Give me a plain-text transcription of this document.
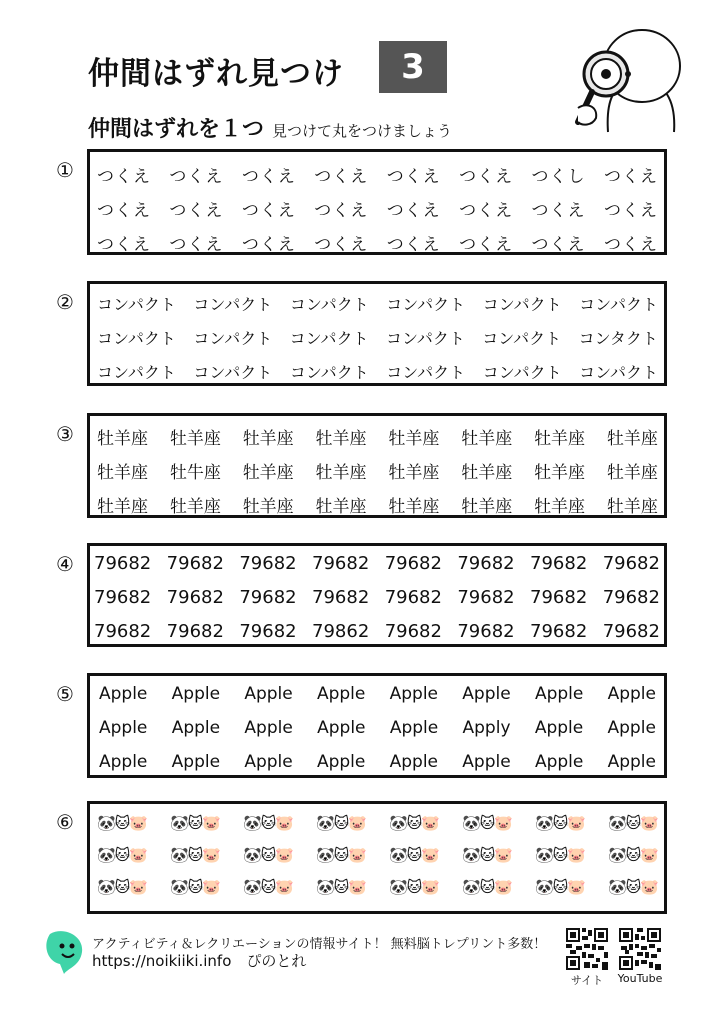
仲間はずれ見つけ	3
仲間はずれを１つ 見つけて丸をつけましょう
① つくえ つくえ つくえ つくえ つくえ つくえ つくし つくえ
つくえ つくえ つくえ つくえ つくえ つくえ つくえ つくえ
つくえ つくえ つくえ つくえ つくえ つくえ つくえ つくえ
② コンパクト コンパクト コンパクト コンパクト コンパクト コンパクト
コンパクト コンパクト コンパクト コンパクト コンパクト コンタクト
コンパクト コンパクト コンパクト コンパクト コンパクト コンパクト
③ 牡羊座 牡羊座 牡羊座 牡羊座 牡羊座 牡羊座 牡羊座 牡羊座
牡羊座 牡牛座 牡羊座 牡羊座 牡羊座 牡羊座 牡羊座 牡羊座
牡羊座 牡羊座 牡羊座 牡羊座 牡羊座 牡羊座 牡羊座 牡羊座
④ 79682 79682 79682 79682 79682 79682 79682 79682
79682 79682 79682 79682 79682 79682 79682 79682
79682 79682 79682 79862 79682 79682 79682 79682
⑤ Apple Apple Apple Apple Apple Apple Apple Apple
Apple Apple Apple Apple Apple Apply Apple Apple
Apple Apple Apple Apple Apple Apple Apple Apple
⑥ 🐼🐱🐷 🐼🐱🐷 🐼🐱🐷 🐼🐱🐷 🐼🐱🐷 🐼🐱🐷 🐼🐱🐷 🐼🐱🐷
🐼🐱🐷 🐼🐱🐷 🐼🐱🐷 🐼🐱🐷 🐼🐱🐷 🐼🐱🐷 🐼🐱🐷 🐼🐱🐷
🐼🐱🐷 🐼🐱🐷 🐼🐱🐷 🐼🐱🐷 🐼🐱🐷 🐼🐱🐷 🐼🐱🐷 🐼🐱🐷
アクティビティ＆レクリエーションの情報サイト！ 無料脳トレプリント多数！
https://noikiiki.info　ぴのとれ
サイト	YouTube
